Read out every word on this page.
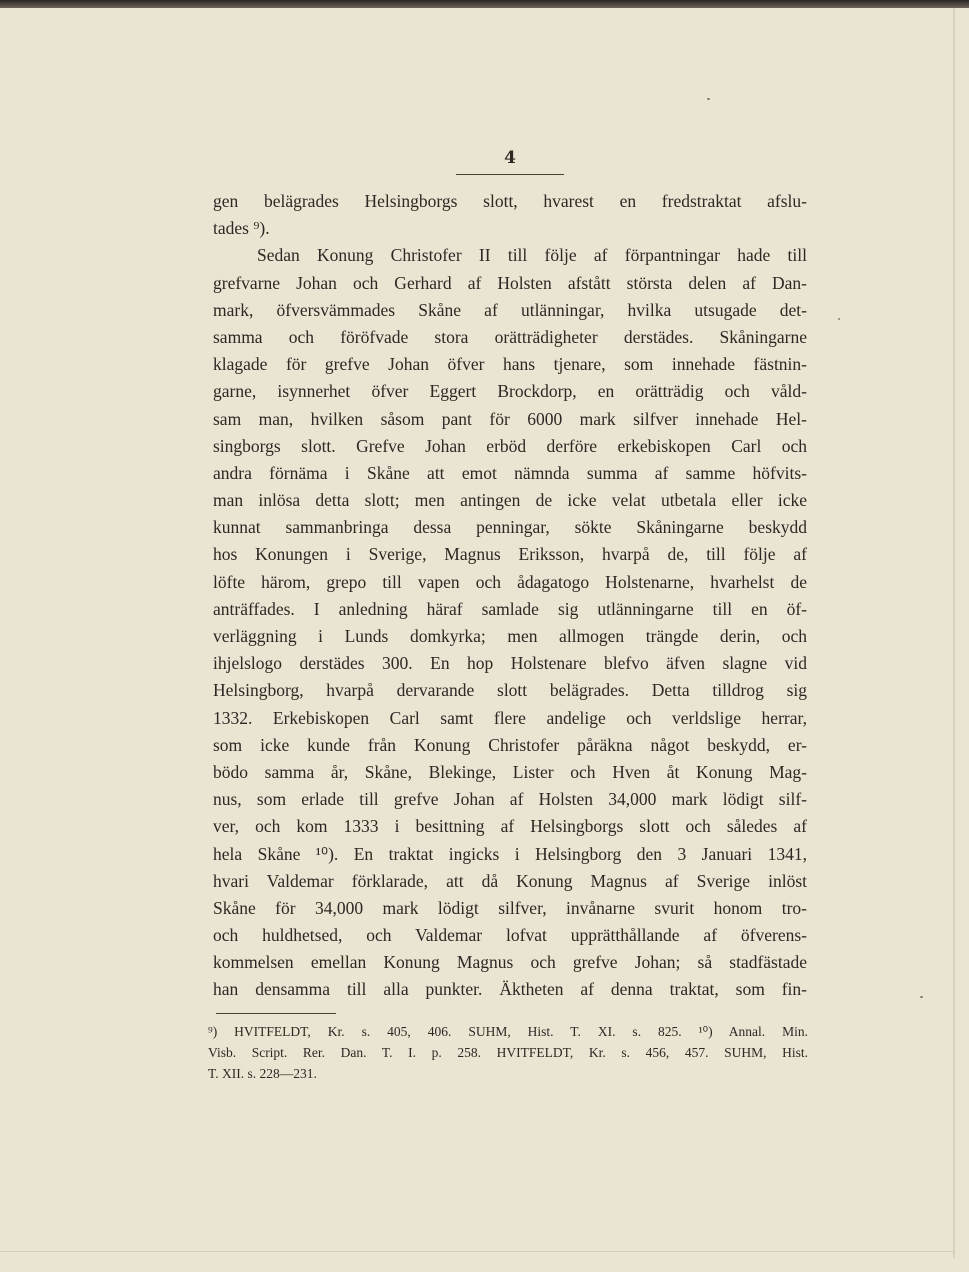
4
gen belägrades Helsingborgs slott, hvarest en fredstraktat afslu-
tades ⁹).
Sedan Konung Christofer II till följe af förpantningar hade till
grefvarne Johan och Gerhard af Holsten afstått största delen af Dan-
mark, öfversvämmades Skåne af utlänningar, hvilka utsugade det-
samma och föröfvade stora orätträdigheter derstädes. Skåningarne
klagade för grefve Johan öfver hans tjenare, som innehade fästnin-
garne, isynnerhet öfver Eggert Brockdorp, en orätträdig och våld-
sam man, hvilken såsom pant för 6000 mark silfver innehade Hel-
singborgs slott. Grefve Johan erböd derföre erkebiskopen Carl och
andra förnäma i Skåne att emot nämnda summa af samme höfvits-
man inlösa detta slott; men antingen de icke velat utbetala eller icke
kunnat sammanbringa dessa penningar, sökte Skåningarne beskydd
hos Konungen i Sverige, Magnus Eriksson, hvarpå de, till följe af
löfte härom, grepo till vapen och ådagatogo Holstenarne, hvarhelst de
anträffades. I anledning häraf samlade sig utlänningarne till en öf-
verläggning i Lunds domkyrka; men allmogen trängde derin, och
ihjelslogo derstädes 300. En hop Holstenare blefvo äfven slagne vid
Helsingborg, hvarpå dervarande slott belägrades. Detta tilldrog sig
1332. Erkebiskopen Carl samt flere andelige och verldslige herrar,
som icke kunde från Konung Christofer påräkna något beskydd, er-
bödo samma år, Skåne, Blekinge, Lister och Hven åt Konung Mag-
nus, som erlade till grefve Johan af Holsten 34,000 mark lödigt silf-
ver, och kom 1333 i besittning af Helsingborgs slott och således af
hela Skåne ¹⁰). En traktat ingicks i Helsingborg den 3 Januari 1341,
hvari Valdemar förklarade, att då Konung Magnus af Sverige inlöst
Skåne för 34,000 mark lödigt silfver, invånarne svurit honom tro-
och huldhetsed, och Valdemar lofvat upprätthållande af öfverens-
kommelsen emellan Konung Magnus och grefve Johan; så stadfästade
han densamma till alla punkter. Äktheten af denna traktat, som fin-
⁹) HVITFELDT, Kr. s. 405, 406. SUHM, Hist. T. XI. s. 825. ¹⁰) Annal. Min.
Visb. Script. Rer. Dan. T. I. p. 258. HVITFELDT, Kr. s. 456, 457. SUHM, Hist.
T. XII. s. 228—231.
